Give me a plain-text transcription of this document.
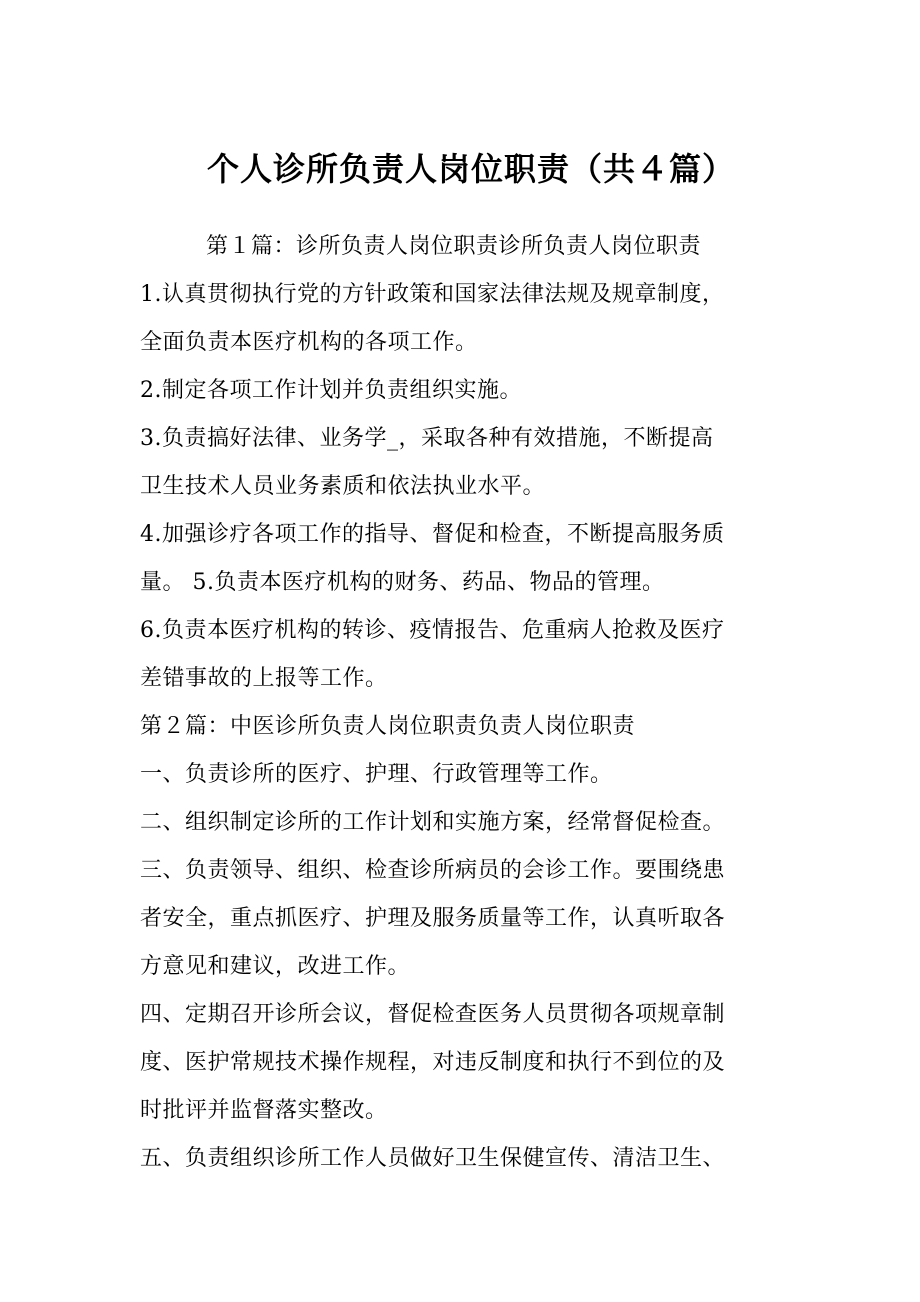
个人诊所负责人岗位职责（共４篇）
第１篇：诊所负责人岗位职责诊所负责人岗位职责
1.认真贯彻执行党的方针政策和国家法律法规及规章制度，
全面负责本医疗机构的各项工作。
2.制定各项工作计划并负责组织实施。
3.负责搞好法律、业务学_，采取各种有效措施，不断提高
卫生技术人员业务素质和依法执业水平。
4.加强诊疗各项工作的指导、督促和检查，不断提高服务质
量。 5.负责本医疗机构的财务、药品、物品的管理。
6.负责本医疗机构的转诊、疫情报告、危重病人抢救及医疗
差错事故的上报等工作。
第２篇：中医诊所负责人岗位职责负责人岗位职责
一、负责诊所的医疗、护理、行政管理等工作。
二、组织制定诊所的工作计划和实施方案，经常督促检查。
三、负责领导、组织、检查诊所病员的会诊工作。要围绕患
者安全，重点抓医疗、护理及服务质量等工作，认真听取各
方意见和建议，改进工作。
四、定期召开诊所会议，督促检查医务人员贯彻各项规章制
度、医护常规技术操作规程，对违反制度和执行不到位的及
时批评并监督落实整改。
五、负责组织诊所工作人员做好卫生保健宣传、清洁卫生、
